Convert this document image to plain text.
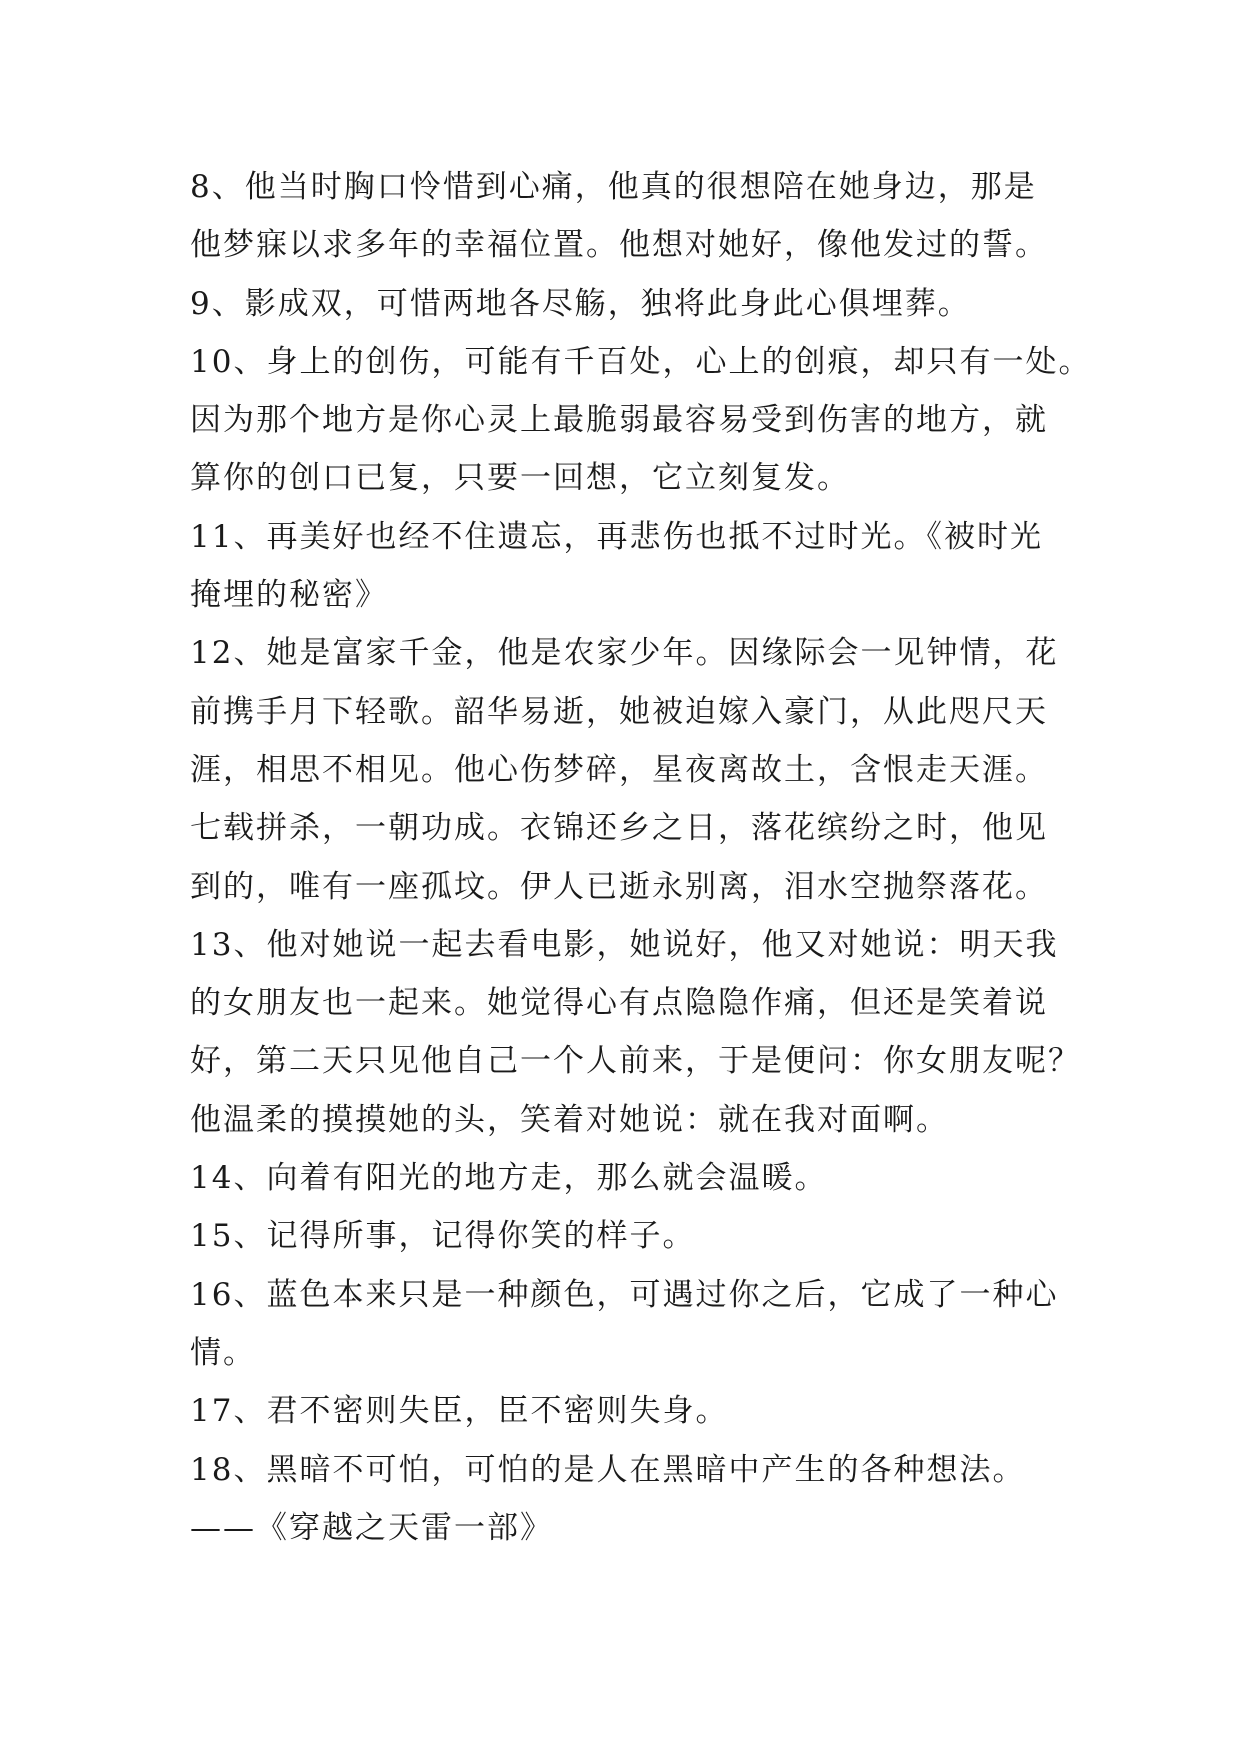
8、他当时胸口怜惜到心痛，他真的很想陪在她身边，那是
他梦寐以求多年的幸福位置。他想对她好，像他发过的誓。
9、影成双，可惜两地各尽觞，独将此身此心俱埋葬。
10、身上的创伤，可能有千百处，心上的创痕，却只有一处。
因为那个地方是你心灵上最脆弱最容易受到伤害的地方，就
算你的创口已复，只要一回想，它立刻复发。
11、再美好也经不住遗忘，再悲伤也抵不过时光。《被时光
掩埋的秘密》
12、她是富家千金，他是农家少年。因缘际会一见钟情，花
前携手月下轻歌。韶华易逝，她被迫嫁入豪门，从此咫尺天
涯，相思不相见。他心伤梦碎，星夜离故土，含恨走天涯。
七载拼杀，一朝功成。衣锦还乡之日，落花缤纷之时，他见
到的，唯有一座孤坟。伊人已逝永别离，泪水空抛祭落花。
13、他对她说一起去看电影，她说好，他又对她说：明天我
的女朋友也一起来。她觉得心有点隐隐作痛，但还是笑着说
好，第二天只见他自己一个人前来，于是便问：你女朋友呢？
他温柔的摸摸她的头，笑着对她说：就在我对面啊。
14、向着有阳光的地方走，那么就会温暖。
15、记得所事，记得你笑的样子。
16、蓝色本来只是一种颜色，可遇过你之后，它成了一种心
情。
17、君不密则失臣，臣不密则失身。
18、黑暗不可怕，可怕的是人在黑暗中产生的各种想法。
——《穿越之天雷一部》
